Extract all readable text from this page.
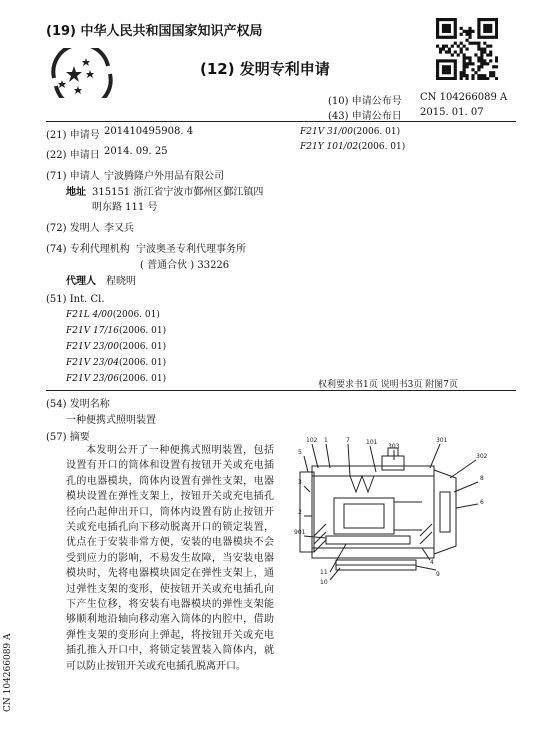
(19) 中华人民共和国国家知识产权局
(12) 发明专利申请
(10) 申请公布号 CN 104266089 A
(43) 申请公布日 2015. 01. 07
(21) 申请号 201410495908. 4
(22) 申请日 2014. 09. 25
(71) 申请人 宁波腾隆户外用品有限公司
地址 315151 浙江省宁波市鄞州区鄞江镇四
明东路 111 号
(72) 发明人 李又兵
(74) 专利代理机构 宁波奥圣专利代理事务所
( 普通合伙 ) 33226
代理人 程晓明
(51) Int. Cl.
F21L 4/00(2006. 01)
F21V 17/16(2006. 01)
F21V 23/00(2006. 01)
F21V 23/04(2006. 01)
F21V 23/06(2006. 01)
F21V 31/00(2006. 01)
F21Y 101/02(2006. 01)
权利要求书1页 说明书3页 附图7页
(54) 发明名称
一种便携式照明装置
(57) 摘要
本发明公开了一种便携式照明装置，包括设置有开口的筒体和设置有按钮开关或充电插孔的电器模块，筒体内设置有弹性支架，电器模块设置在弹性支架上，按钮开关或充电插孔径向凸起伸出开口，筒体内设置有防止按钮开关或充电插孔向下移动脱离开口的锁定装置，优点在于安装非常方便，安装的电器模块不会受到应力的影响，不易发生故障，当安装电器模块时，先将电器模块固定在弹性支架上，通过弹性支架的变形，使按钮开关或充电插孔向下产生位移，将安装有电器模块的弹性支架能够顺利地沿轴向移动塞入筒体的内腔中，借助弹性支架的变形向上弹起，将按钮开关或充电插孔推入开口中，将锁定装置装入筒体内，就可以防止按钮开关或充电插孔脱离开口。
102 1	7	101
303
301
5
302
3
8
2
901
6
4
9
10
11
CN 104266089 A
